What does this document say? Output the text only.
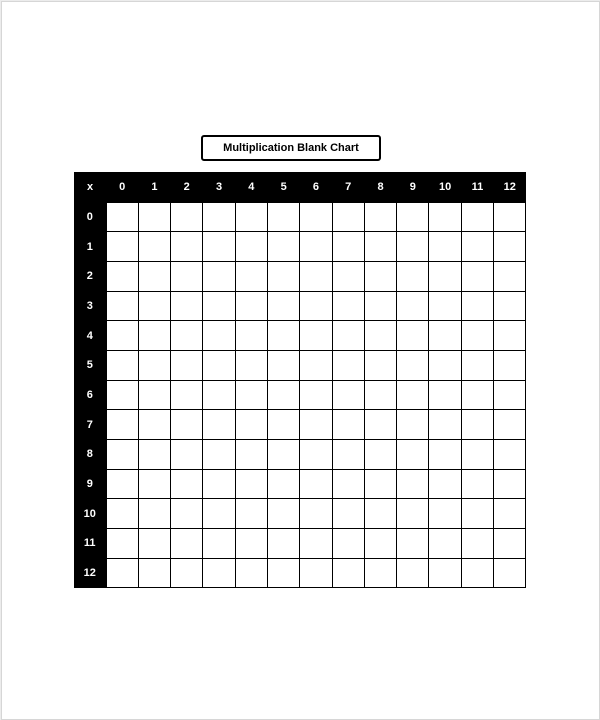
Multiplication Blank Chart
x	0	1	2	3	4	5	6	7	8	9	10	11	12
0													
1													
2													
3													
4													
5													
6													
7													
8													
9													
10													
11													
12													
